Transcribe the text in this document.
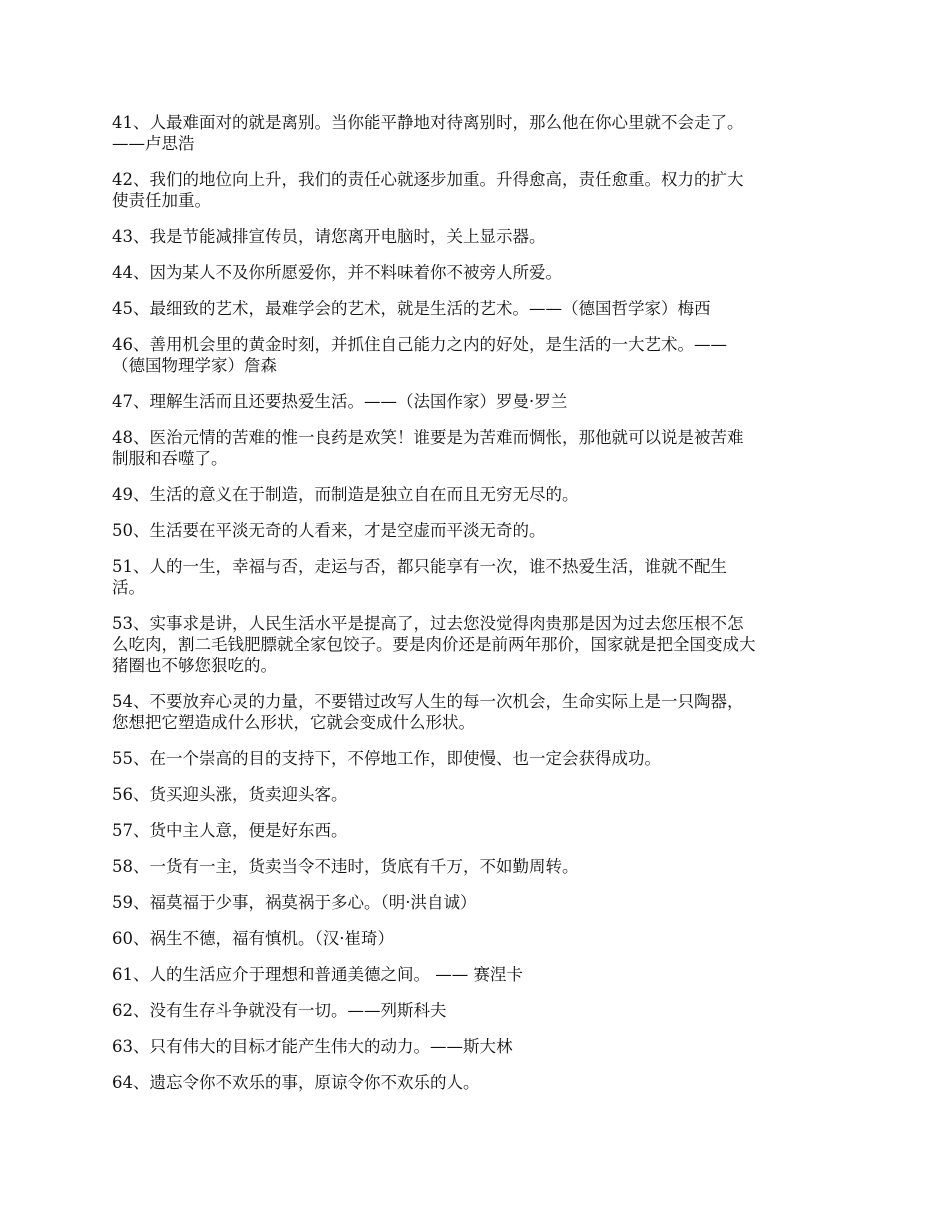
41、人最难面对的就是离别。当你能平静地对待离别时，那么他在你心里就不会走了。
——卢思浩

42、我们的地位向上升，我们的责任心就逐步加重。升得愈高，责任愈重。权力的扩大
使责任加重。

43、我是节能减排宣传员，请您离开电脑时，关上显示器。

44、因为某人不及你所愿爱你，并不料味着你不被旁人所爱。

45、最细致的艺术，最难学会的艺术，就是生活的艺术。——（德国哲学家）梅西

46、善用机会里的黄金时刻，并抓住自己能力之内的好处，是生活的一大艺术。——
（德国物理学家）詹森

47、理解生活而且还要热爱生活。——（法国作家）罗曼·罗兰

48、医治元情的苦难的惟一良药是欢笑！谁要是为苦难而惆怅，那他就可以说是被苦难
制服和吞噬了。

49、生活的意义在于制造，而制造是独立自在而且无穷无尽的。

50、生活要在平淡无奇的人看来，才是空虚而平淡无奇的。

51、人的一生，幸福与否，走运与否，都只能享有一次，谁不热爱生活，谁就不配生
活。

53、实事求是讲，人民生活水平是提高了，过去您没觉得肉贵那是因为过去您压根不怎
么吃肉，割二毛钱肥膘就全家包饺子。要是肉价还是前两年那价，国家就是把全国变成大
猪圈也不够您狠吃的。

54、不要放弃心灵的力量，不要错过改写人生的每一次机会，生命实际上是一只陶器，
您想把它塑造成什么形状，它就会变成什么形状。

55、在一个崇高的目的支持下，不停地工作，即使慢、也一定会获得成功。

56、货买迎头涨，货卖迎头客。

57、货中主人意，便是好东西。

58、一货有一主，货卖当令不违时，货底有千万，不如勤周转。

59、福莫福于少事，祸莫祸于多心。（明·洪自诚）

60、祸生不德，福有慎机。（汉·崔琦）

61、人的生活应介于理想和普通美德之间。 —— 赛涅卡

62、没有生存斗争就没有一切。——列斯科夫

63、只有伟大的目标才能产生伟大的动力。——斯大林

64、遗忘令你不欢乐的事，原谅令你不欢乐的人。
